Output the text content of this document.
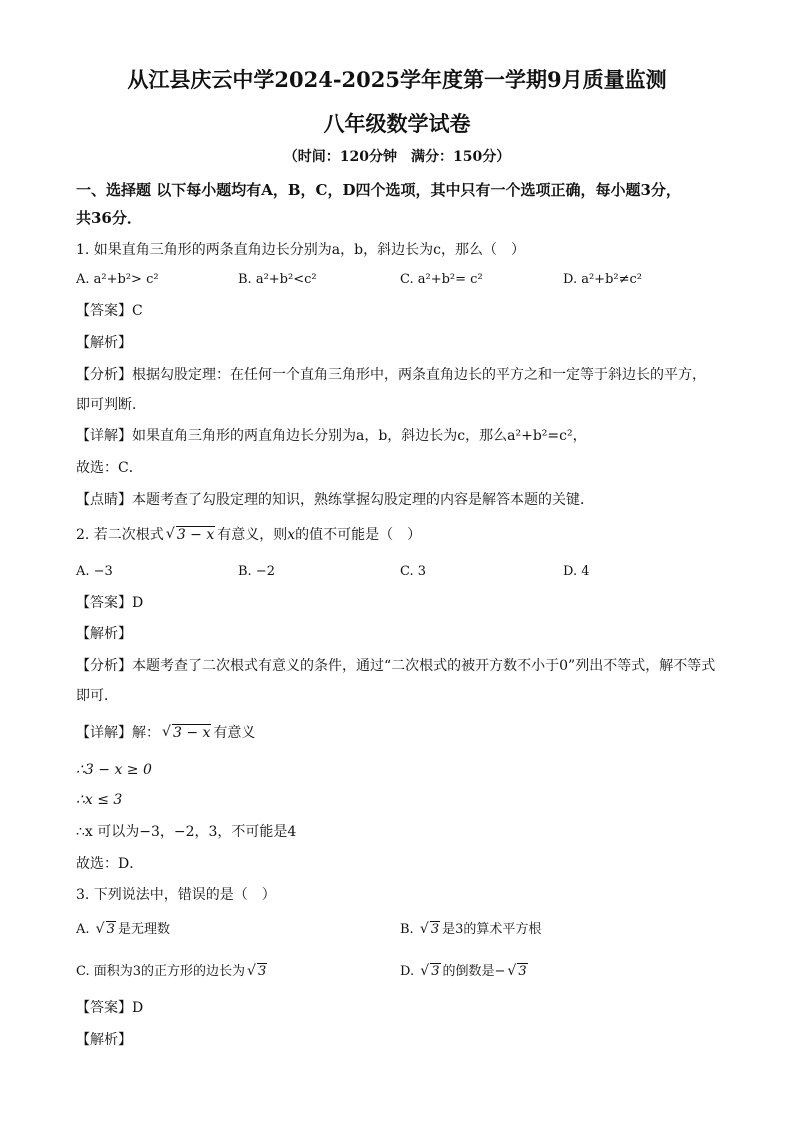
从江县庆云中学2024-2025学年度第一学期9月质量监测
八年级数学试卷
（时间：120分钟　满分：150分）
一、选择题 以下每小题均有A，B，C，D四个选项，其中只有一个选项正确，每小题3分，
共36分．
1. 如果直角三角形的两条直角边长分别为a，b，斜边长为c，那么（　）
A. a²+b²> c²	B. a²+b²<c²	C. a²+b²= c²	D. a²+b²≠c²
【答案】C
【解析】
【分析】根据勾股定理：在任何一个直角三角形中，两条直角边长的平方之和一定等于斜边长的平方，
即可判断．
【详解】如果直角三角形的两直角边长分别为a，b，斜边长为c，那么a²+b²=c²，
故选：C．
【点睛】本题考查了勾股定理的知识，熟练掌握勾股定理的内容是解答本题的关键．
2. 若二次根式 √ 3 − x 有意义，则x的值不可能是（　）
A. −3	B. −2	C. 3	D. 4
【答案】D
【解析】
【分析】本题考查了二次根式有意义的条件，通过“二次根式的被开方数不小于0”列出不等式，解不等式
即可．
【详解】解： √ 3 − x 有意义
∴3 − x ≥ 0
∴x ≤ 3
∴x 可以为−3，−2，3，不可能是4
故选：D．
3. 下列说法中，错误的是（　）
A. √ 3 是无理数	B. √ 3 是3的算术平方根
C. 面积为3的正方形的边长为 √ 3	D. √ 3 的倒数是− √ 3
【答案】D
【解析】
